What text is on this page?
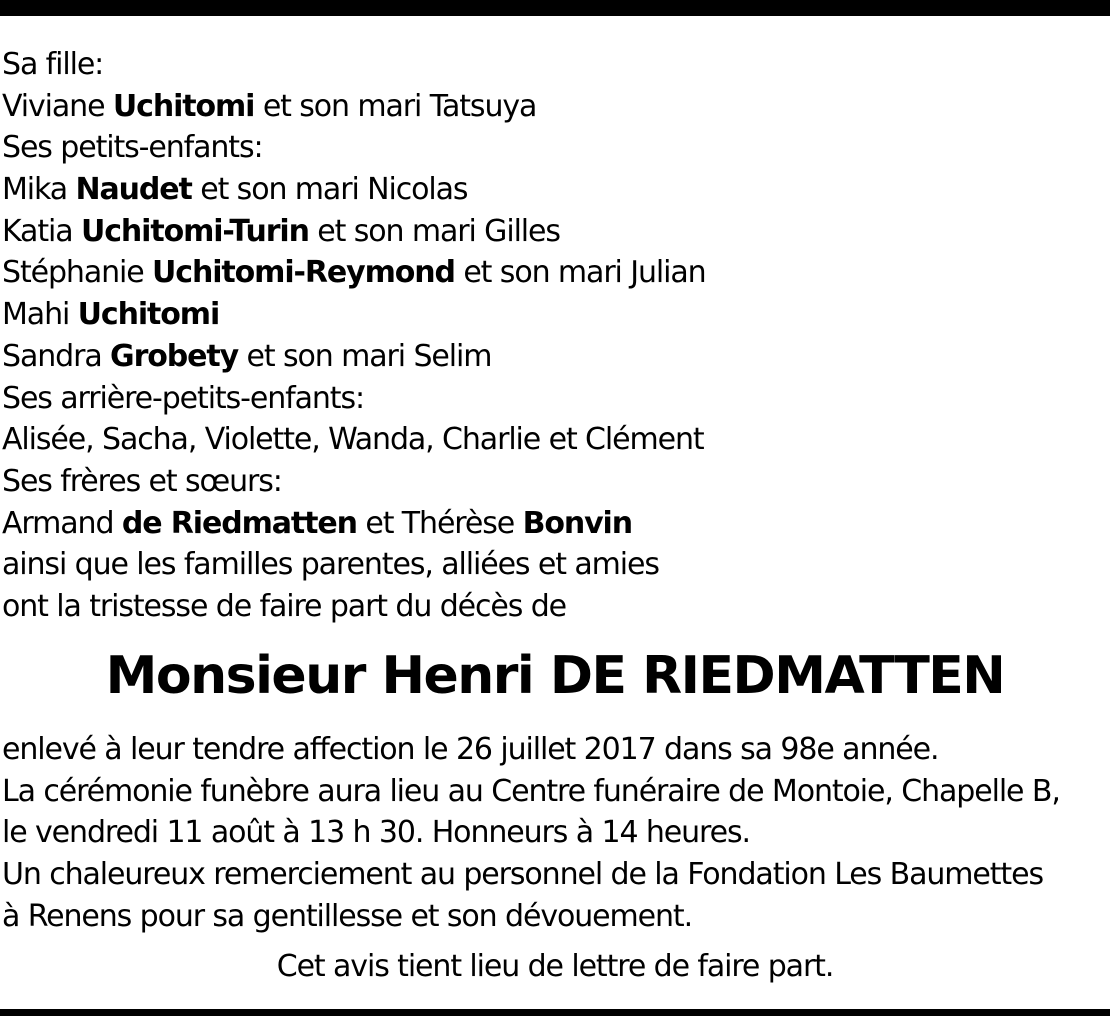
Sa fille:
Viviane Uchitomi et son mari Tatsuya
Ses petits-enfants:
Mika Naudet et son mari Nicolas
Katia Uchitomi-Turin et son mari Gilles
Stéphanie Uchitomi-Reymond et son mari Julian
Mahi Uchitomi
Sandra Grobety et son mari Selim
Ses arrière-petits-enfants:
Alisée, Sacha, Violette, Wanda, Charlie et Clément
Ses frères et sœurs:
Armand de Riedmatten et Thérèse Bonvin
ainsi que les familles parentes, alliées et amies
ont la tristesse de faire part du décès de
Monsieur Henri DE RIEDMATTEN
enlevé à leur tendre affection le 26 juillet 2017 dans sa 98e année.
La cérémonie funèbre aura lieu au Centre funéraire de Montoie, Chapelle B,
le vendredi 11 août à 13 h 30. Honneurs à 14 heures.
Un chaleureux remerciement au personnel de la Fondation Les Baumettes
à Renens pour sa gentillesse et son dévouement.
Cet avis tient lieu de lettre de faire part.
